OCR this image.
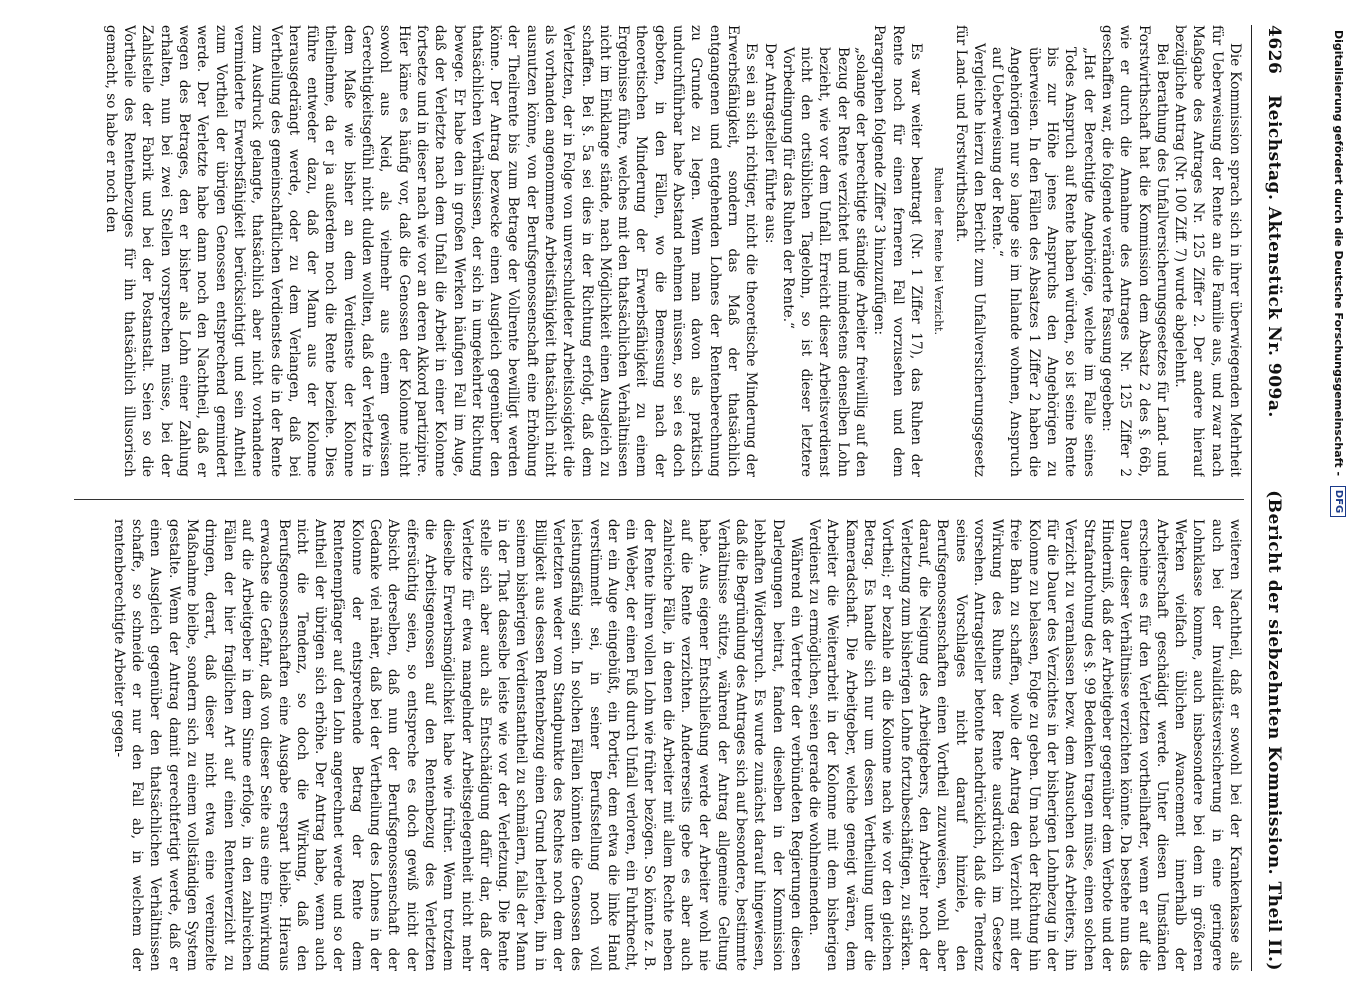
4626
Reichstag. Aktenstück Nr. 909a.
(Bericht der siebzehnten Kommission. Theil II.)

Die Kommission sprach sich in ihrer überwiegenden Mehrheit für Ueberweisung der Rente an die Familie aus, und zwar nach Maßgabe des Antrages Nr. 125 Ziffer 2. Der andere hierauf bezügliche Antrag (Nr. 100 Ziff. 7) wurde abgelehnt.

Bei Berathung des Unfallversicherungsgesetzes für Land- und Forstwirthschaft hat die Kommission dem Absatz 2 des §. 66b, wie er durch die Annahme des Antrages Nr. 125 Ziffer 2 geschaffen war, die folgende veränderte Fassung gegeben:

„Hat der Berechtigte Angehörige, welche im Falle seines Todes Anspruch auf Rente haben würden, so ist seine Rente bis zur Höhe jenes Anspruchs den Angehörigen zu überweisen. In den Fällen des Absatzes 1 Ziffer 2 haben die Angehörigen nur so lange sie im Inlande wohnen, Anspruch auf Ueberweisung der Rente.“

Vergleiche hierzu den Bericht zum Unfallversicherungsgesetz für Land- und Forstwirthschaft.

Ruhen der Rente bei Verzicht.

Es war weiter beantragt (Nr. 1 Ziffer 17), das Ruhen der Rente noch für einen ferneren Fall vorzusehen und dem Paragraphen folgende Ziffer 3 hinzuzufügen:

„solange der berechtigte ständige Arbeiter freiwillig auf den Bezug der Rente verzichtet und mindestens denselben Lohn bezieht, wie vor dem Unfall. Erreicht dieser Arbeitsverdienst nicht den ortsüblichen Tagelohn, so ist dieser letztere Vorbedingung für das Ruhen der Rente.“

Der Antragsteller führte aus:

Es sei an sich richtiger, nicht die theoretische Minderung der Erwerbsfähigkeit, sondern das Maß der thatsächlich entgangenen und entgehenden Lohnes der Rentenberechnung zu Grunde zu legen. Wenn man davon als praktisch undurchführbar habe Abstand nehmen müssen, so sei es doch geboten, in den Fällen, wo die Bemessung nach der theoretischen Minderung der Erwerbsfähigkeit zu einem Ergebnisse führe, welches mit den thatsächlichen Verhältnissen nicht im Einklange stände, nach Möglichkeit einen Ausgleich zu schaffen. Bei §. 5a sei dies in der Richtung erfolgt, daß dem Verletzten, der in Folge von unverschuldeter Arbeitslosigkeit die als vorhanden angenommene Arbeitsfähigkeit thatsächlich nicht ausnutzen könne, von der Berufsgenossenschaft eine Erhöhung der Theilrente bis zum Betrage der Vollrente bewilligt werden könne. Der Antrag bezwecke einen Ausgleich gegenüber den thatsächlichen Verhältnissen, der sich in umgekehrter Richtung bewege. Er habe den in großen Werken häufigen Fall im Auge, daß der Verletzte nach dem Unfall die Arbeit in einer Kolonne fortsetze und in dieser nach wie vor an deren Akkord partizipire. Hier käme es häufig vor, daß die Genossen der Kolonne nicht sowohl aus Neid, als vielmehr aus einem gewissen Gerechtigkeitsgefühl nicht dulden wollten, daß der Verletzte in dem Maße wie bisher an dem Verdienste der Kolonne theilnehme, da er ja außerdem noch die Rente beziehe. Dies führe entweder dazu, daß der Mann aus der Kolonne herausgedrängt werde, oder zu dem Verlangen, daß bei Vertheilung des gemeinschaftlichen Verdienstes die in der Rente zum Ausdruck gelangte, thatsächlich aber nicht vorhandene verminderte Erwerbsfähigkeit berücksichtigt und sein Antheil zum Vortheil der übrigen Genossen entsprechend gemindert werde. Der Verletzte habe dann noch den Nachtheil, daß er wegen des Betrages, den er bisher als Lohn einer Zahlung erhalten, nun bei zwei Stellen vorsprechen müsse, bei der Zahlstelle der Fabrik und bei der Postanstalt. Seien so die Vortheile des Rentenbezuges für ihn thatsächlich illusorisch gemacht, so habe er noch den

weiteren Nachtheil, daß er sowohl bei der Krankenkasse als auch bei der Invaliditätsversicherung in eine geringere Lohnklasse komme, auch insbesondere bei dem in größeren Werken vielfach üblichen Avancement innerhalb der Arbeiterschaft geschädigt werde. Unter diesen Umständen erscheine es für den Verletzten vortheilhafter, wenn er auf die Dauer dieser Verhältnisse verzichten könnte. Da bestehe nun das Hinderniß, daß der Arbeitgeber gegenüber dem Verbote und der Strafandrohung des §. 99 Bedenken tragen müsse, einen solchen Verzicht zu veranlassen bezw. dem Ansuchen des Arbeiters, ihn für die Dauer des Verzichtes in der bisherigen Lohnbezug in der Kolonne zu belassen, Folge zu geben. Um nach der Richtung hin freie Bahn zu schaffen, wolle der Antrag den Verzicht mit der Wirkung des Ruhens der Rente ausdrücklich im Gesetze vorsehen. Antragsteller betonte nachdrücklich, daß die Tendenz seines Vorschlages nicht darauf hinziele, den Berufsgenossenschaften einen Vortheil zuzuweisen, wohl aber darauf, die Neigung des Arbeitgebers, den Arbeiter noch der Verletzung zum bisherigen Lohne fortzubeschäftigen, zu stärken. Vortheil; er bezahle an die Kolonne nach wie vor den gleichen Betrag. Es handle sich nur um dessen Vertheilung unter die Kameradschaft. Die Arbeitgeber, welche geneigt wären, dem Arbeiter die Weiterarbeit in der Kolonne mit dem bisherigen Verdienst zu ermöglichen, seien gerade die wohlmeinenden.

Während ein Vertreter der verbündeten Regierungen diesen Darlegungen beitrat, fanden dieselben in der Kommission lebhaften Widerspruch. Es wurde zunächst darauf hingewiesen, daß die Begründung des Antrages sich auf besondere, bestimmte Verhältnisse stütze, während der Antrag allgemeine Geltung habe. Aus eigener Entschließung werde der Arbeiter wohl nie auf die Rente verzichten. Andererseits gebe es aber auch zahlreiche Fälle, in denen die Arbeiter mit allem Rechte neben der Rente ihren vollen Lohn wie früher bezögen. So könnte z. B. ein Weber, der einen Fuß durch Unfall verloren, ein Fuhrknecht, der ein Auge eingebüßt, ein Portier, dem etwa die linke Hand verstümmelt sei, in seiner Berufsstellung noch voll leistungsfähig sein. In solchen Fällen könnten die Genossen des Verletzten weder vom Standpunkte des Rechtes noch dem der Billigkeit aus dessen Rentenbezug einen Grund herleiten, ihn in seinem bisherigen Verdienstantheil zu schmälern, falls der Mann in der That dasselbe leiste wie vor der Verletzung. Die Rente stelle sich aber auch als Entschädigung dafür dar, daß der Verletzte für etwa mangelnder Arbeitsgelegenheit nicht mehr dieselbe Erwerbsmöglichkeit habe wie früher. Wenn trotzdem die Arbeitsgenossen auf den Rentenbezug des Verletzten eifersüchtig seien, so entspreche es doch gewiß nicht der Absicht derselben, daß nun der Berufsgenossenschaft der Gedanke viel näher, daß bei der Vertheilung des Lohnes in der Kolonne der entsprechende Betrag der Rente dem Rentenempfänger auf den Lohn angerechnet werde und so der Antheil der übrigen sich erhöhe. Der Antrag habe, wenn auch nicht die Tendenz, so doch die Wirkung, daß den Berufsgenossenschaften eine Ausgabe erspart bleibe. Hieraus erwachse die Gefahr, daß von dieser Seite aus eine Einwirkung auf die Arbeitgeber in dem Sinne erfolge, in den zahlreichen Fällen der hier fraglichen Art auf einen Rentenverzicht zu dringen, derart, daß dieser nicht etwa eine vereinzelte Maßnahme bleibe, sondern sich zu einem vollständigen System gestalte. Wenn der Antrag damit gerechtfertigt werde, daß er einen Ausgleich gegenüber den thatsächlichen Verhältnissen schaffe, so schneide er nur den Fall ab, in welchem der rentenberechtigte Arbeiter gegen-

Digitalisierung gefördert durch die Deutsche Forschungsgemeinschaft - DFG
